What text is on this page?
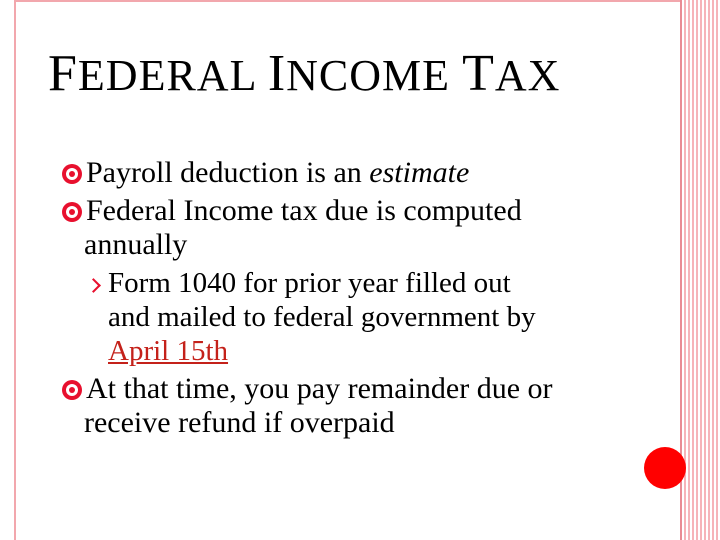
FEDERAL INCOME TAX
Payroll deduction is an estimate
Federal Income tax due is computed
annually
Form 1040 for prior year filled out
and mailed to federal government by
April 15th
At that time, you pay remainder due or
receive refund if overpaid
